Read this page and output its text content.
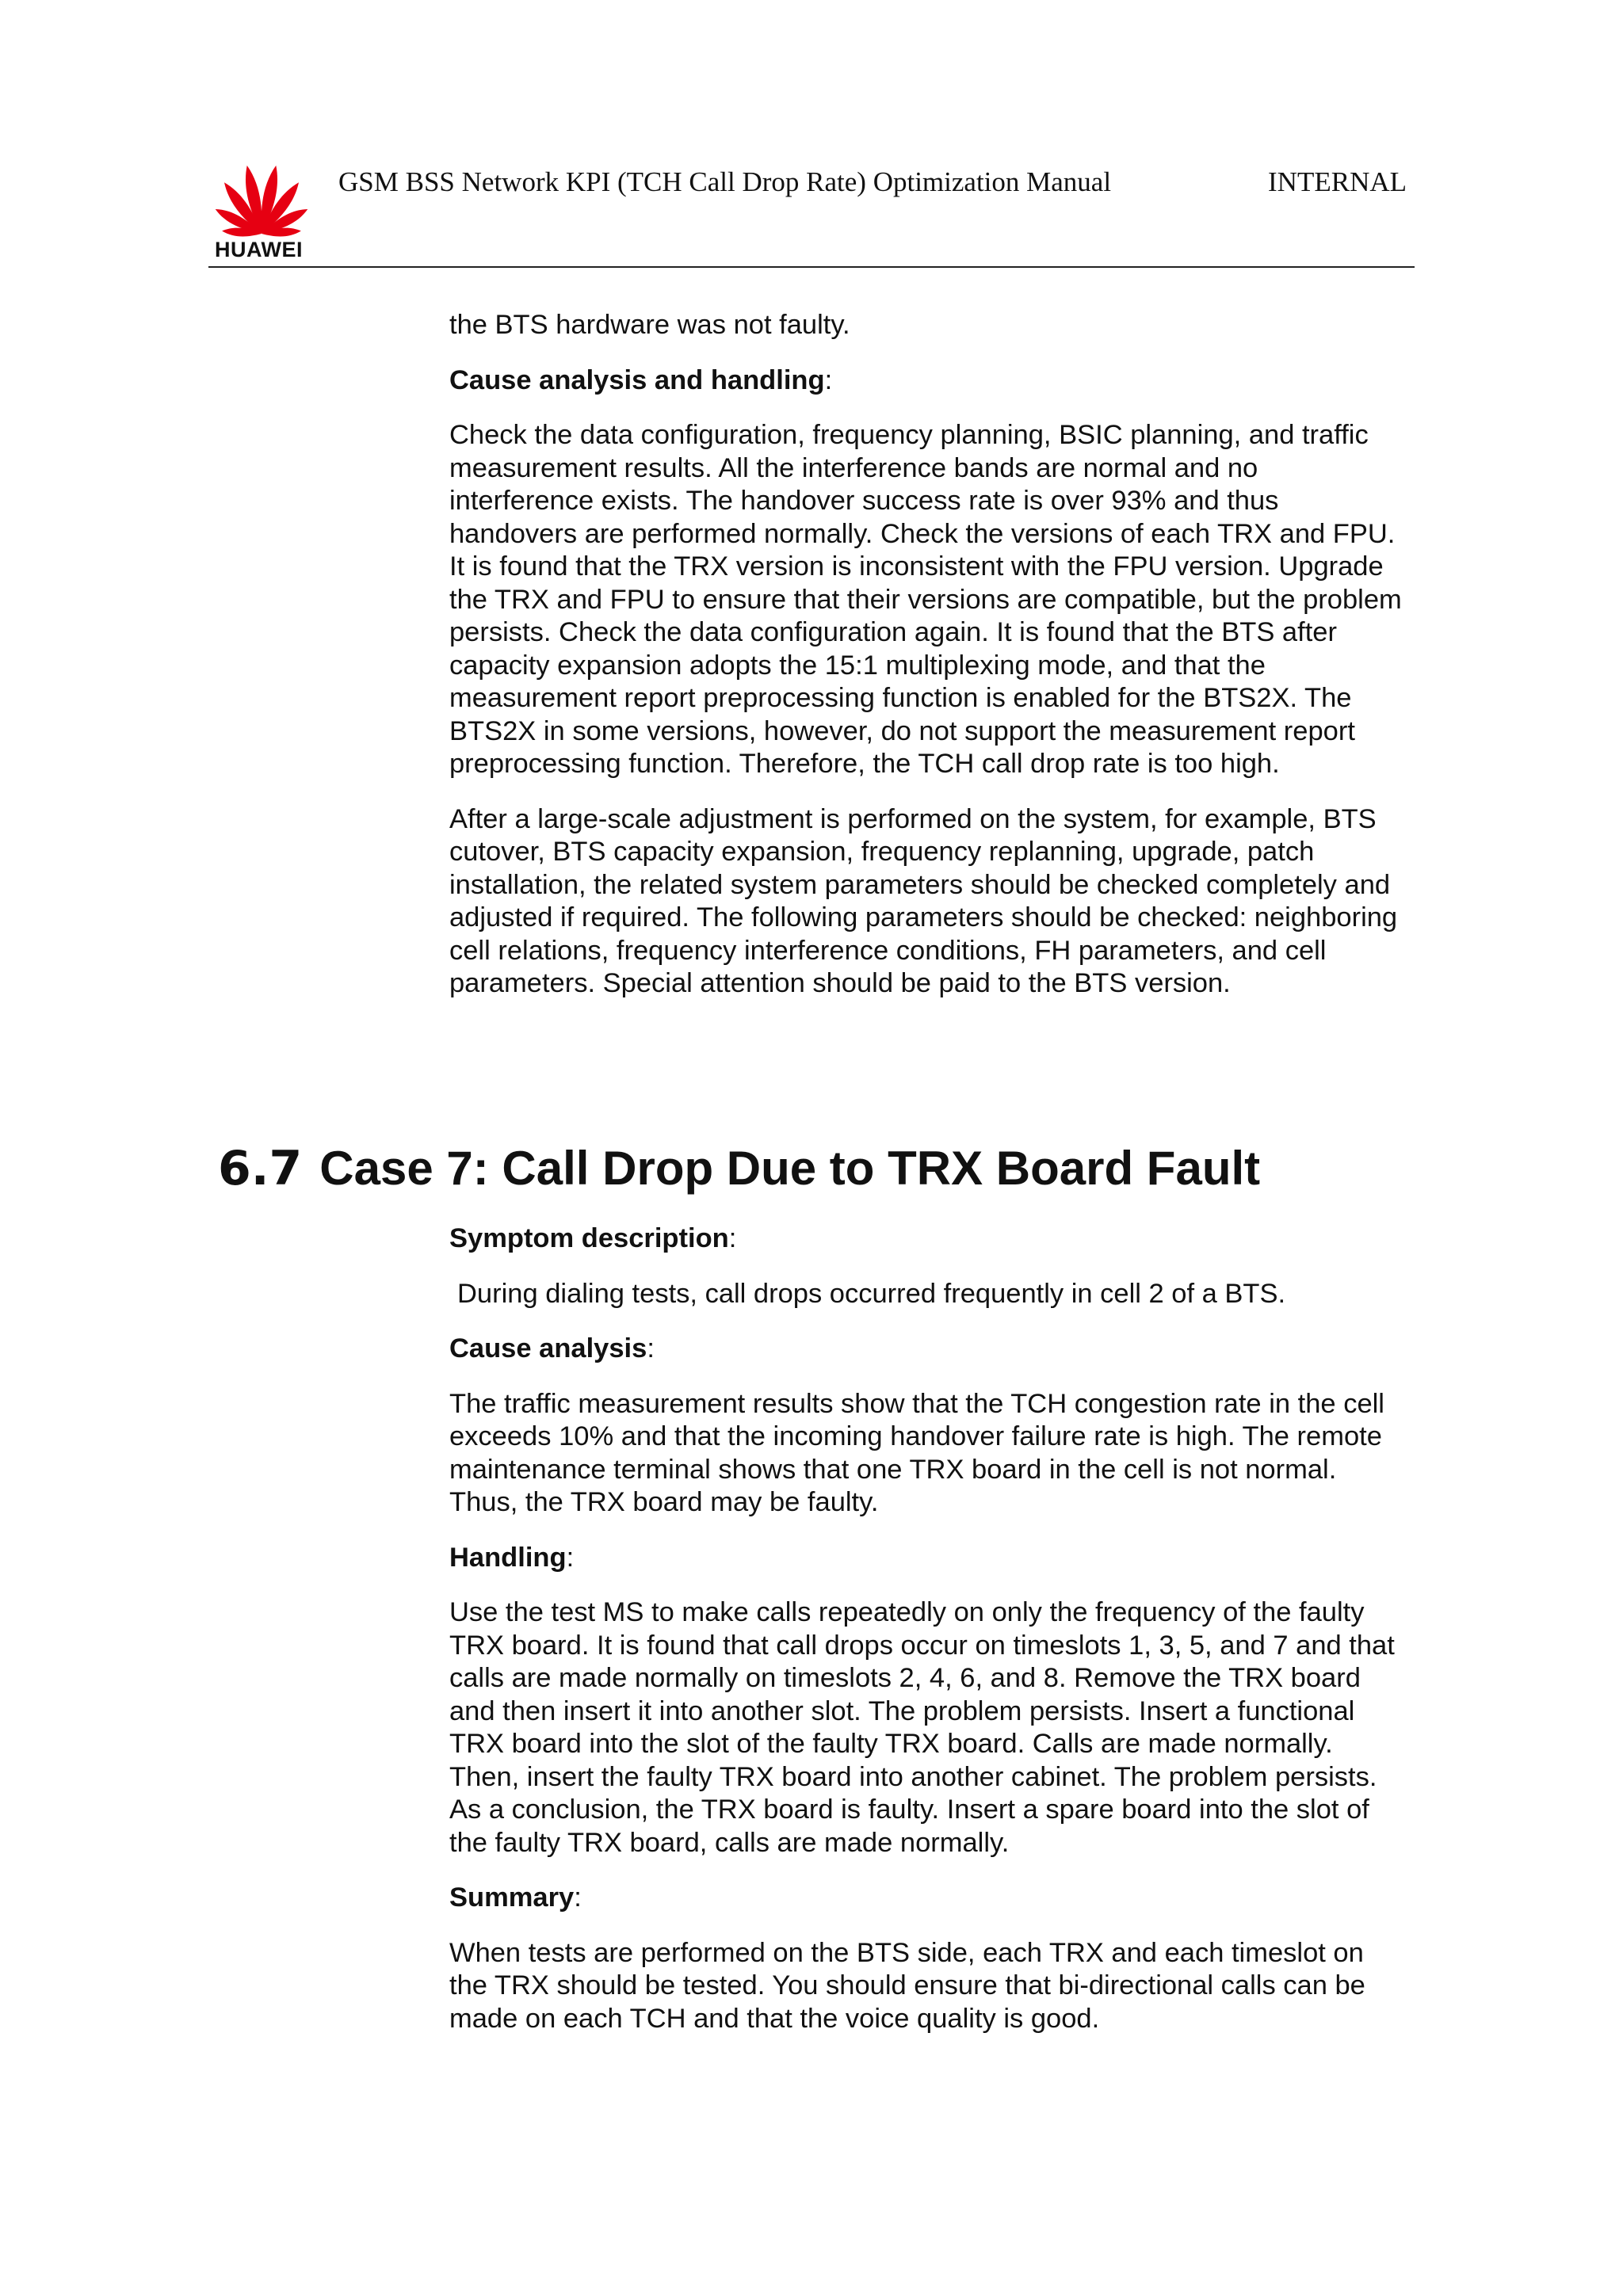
HUAWEI
GSM BSS Network KPI (TCH Call Drop Rate) Optimization Manual	INTERNAL

the BTS hardware was not faulty.

Cause analysis and handling:

Check the data configuration, frequency planning, BSIC planning, and traffic measurement results. All the interference bands are normal and no interference exists. The handover success rate is over 93% and thus handovers are performed normally. Check the versions of each TRX and FPU. It is found that the TRX version is inconsistent with the FPU version. Upgrade the TRX and FPU to ensure that their versions are compatible, but the problem persists. Check the data configuration again. It is found that the BTS after capacity expansion adopts the 15:1 multiplexing mode, and that the measurement report preprocessing function is enabled for the BTS2X. The BTS2X in some versions, however, do not support the measurement report preprocessing function. Therefore, the TCH call drop rate is too high.

After a large-scale adjustment is performed on the system, for example, BTS cutover, BTS capacity expansion, frequency replanning, upgrade, patch installation, the related system parameters should be checked completely and adjusted if required. The following parameters should be checked: neighboring cell relations, frequency interference conditions, FH parameters, and cell parameters. Special attention should be paid to the BTS version.

6.7 Case 7: Call Drop Due to TRX Board Fault

Symptom description:

During dialing tests, call drops occurred frequently in cell 2 of a BTS.

Cause analysis:

The traffic measurement results show that the TCH congestion rate in the cell exceeds 10% and that the incoming handover failure rate is high. The remote maintenance terminal shows that one TRX board in the cell is not normal. Thus, the TRX board may be faulty.

Handling:

Use the test MS to make calls repeatedly on only the frequency of the faulty TRX board. It is found that call drops occur on timeslots 1, 3, 5, and 7 and that calls are made normally on timeslots 2, 4, 6, and 8. Remove the TRX board and then insert it into another slot. The problem persists. Insert a functional TRX board into the slot of the faulty TRX board. Calls are made normally. Then, insert the faulty TRX board into another cabinet. The problem persists. As a conclusion, the TRX board is faulty. Insert a spare board into the slot of the faulty TRX board, calls are made normally.

Summary:

When tests are performed on the BTS side, each TRX and each timeslot on the TRX should be tested. You should ensure that bi-directional calls can be made on each TCH and that the voice quality is good.
